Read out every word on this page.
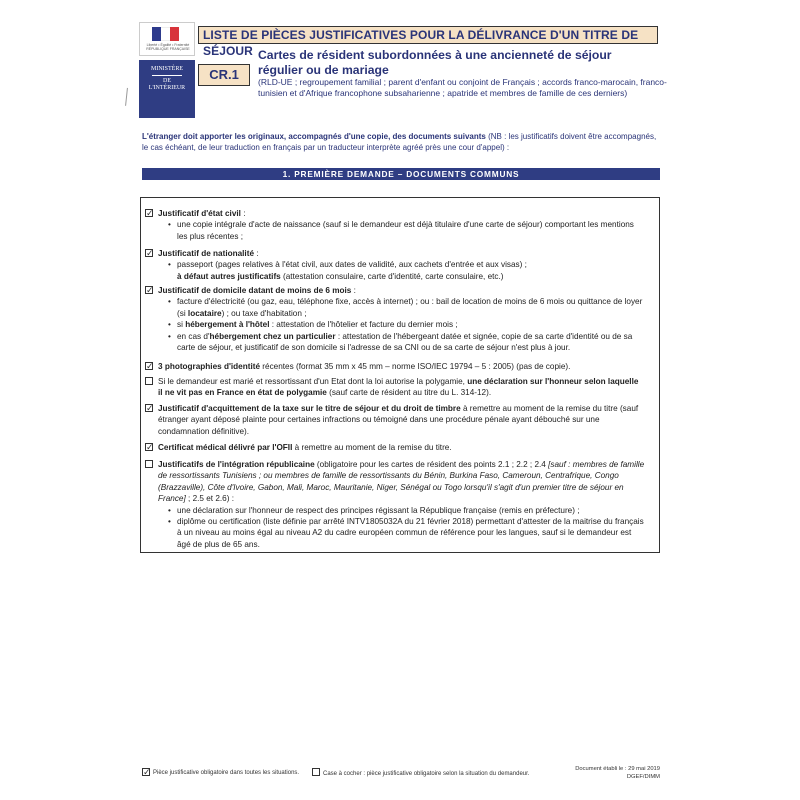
Liberté • Égalité • Fraternité RÉPUBLIQUE FRANÇAISE
MINISTÈRE
DE
L'INTÉRIEUR
LISTE DE PIÈCES JUSTIFICATIVES POUR LA DÉLIVRANCE D'UN TITRE DE SÉJOUR
CR.1
Cartes de résident subordonnées à une ancienneté de séjour régulier ou de mariage
(RLD-UE ; regroupement familial ; parent d'enfant ou conjoint de Français ; accords franco-marocain, franco-tunisien et d'Afrique francophone subsaharienne ; apatride et membres de famille de ces derniers)
L'étranger doit apporter les originaux, accompagnés d'une copie, des documents suivants (NB : les justificatifs doivent être accompagnés, le cas échéant, de leur traduction en français par un traducteur interprète agréé près une cour d'appel) :
1. PREMIÈRE DEMANDE – DOCUMENTS COMMUNS
✓ Justificatif d'état civil :
• une copie intégrale d'acte de naissance (sauf si le demandeur est déjà titulaire d'une carte de séjour) comportant les mentions les plus récentes ;
✓ Justificatif de nationalité :
• passeport (pages relatives à l'état civil, aux dates de validité, aux cachets d'entrée et aux visas) ;
à défaut autres justificatifs (attestation consulaire, carte d'identité, carte consulaire, etc.)
✓ Justificatif de domicile datant de moins de 6 mois :
• facture d'électricité (ou gaz, eau, téléphone fixe, accès à internet) ; ou : bail de location de moins de 6 mois ou quittance de loyer (si locataire) ; ou taxe d'habitation ;
• si hébergement à l'hôtel : attestation de l'hôtelier et facture du dernier mois ;
• en cas d'hébergement chez un particulier : attestation de l'hébergeant datée et signée, copie de sa carte d'identité ou de sa carte de séjour, et justificatif de son domicile si l'adresse de sa CNI ou de sa carte de séjour n'est plus à jour.
✓ 3 photographies d'identité récentes (format 35 mm x 45 mm – norme ISO/IEC 19794 – 5 : 2005) (pas de copie).
Si le demandeur est marié et ressortissant d'un Etat dont la loi autorise la polygamie, une déclaration sur l'honneur selon laquelle il ne vit pas en France en état de polygamie (sauf carte de résident au titre du L. 314-12).
✓ Justificatif d'acquittement de la taxe sur le titre de séjour et du droit de timbre à remettre au moment de la remise du titre (sauf étranger ayant déposé plainte pour certaines infractions ou témoigné dans une procédure pénale ayant débouché sur une condamnation définitive).
✓ Certificat médical délivré par l'OFII à remettre au moment de la remise du titre.
Justificatifs de l'intégration républicaine (obligatoire pour les cartes de résident des points 2.1 ; 2.2 ; 2.4 [sauf : membres de famille de ressortissants Tunisiens ; ou membres de famille de ressortissants du Bénin, Burkina Faso, Cameroun, Centrafrique, Congo (Brazzaville), Côte d'Ivoire, Gabon, Mali, Maroc, Mauritanie, Niger, Sénégal ou Togo lorsqu'il s'agit d'un premier titre de séjour en France] ; 2.5 et 2.6) :
• une déclaration sur l'honneur de respect des principes régissant la République française (remis en préfecture) ;
• diplôme ou certification (liste définie par arrêté INTV1805032A du 21 février 2018) permettant d'attester de la maitrise du français à un niveau au moins égal au niveau A2 du cadre européen commun de référence pour les langues, sauf si le demandeur est âgé de plus de 65 ans.
✓ Pièce justificative obligatoire dans toutes les situations.	Case à cocher : pièce justificative obligatoire selon la situation du demandeur.
Document établi le : 29 mai 2019
DGEF/DIMM
